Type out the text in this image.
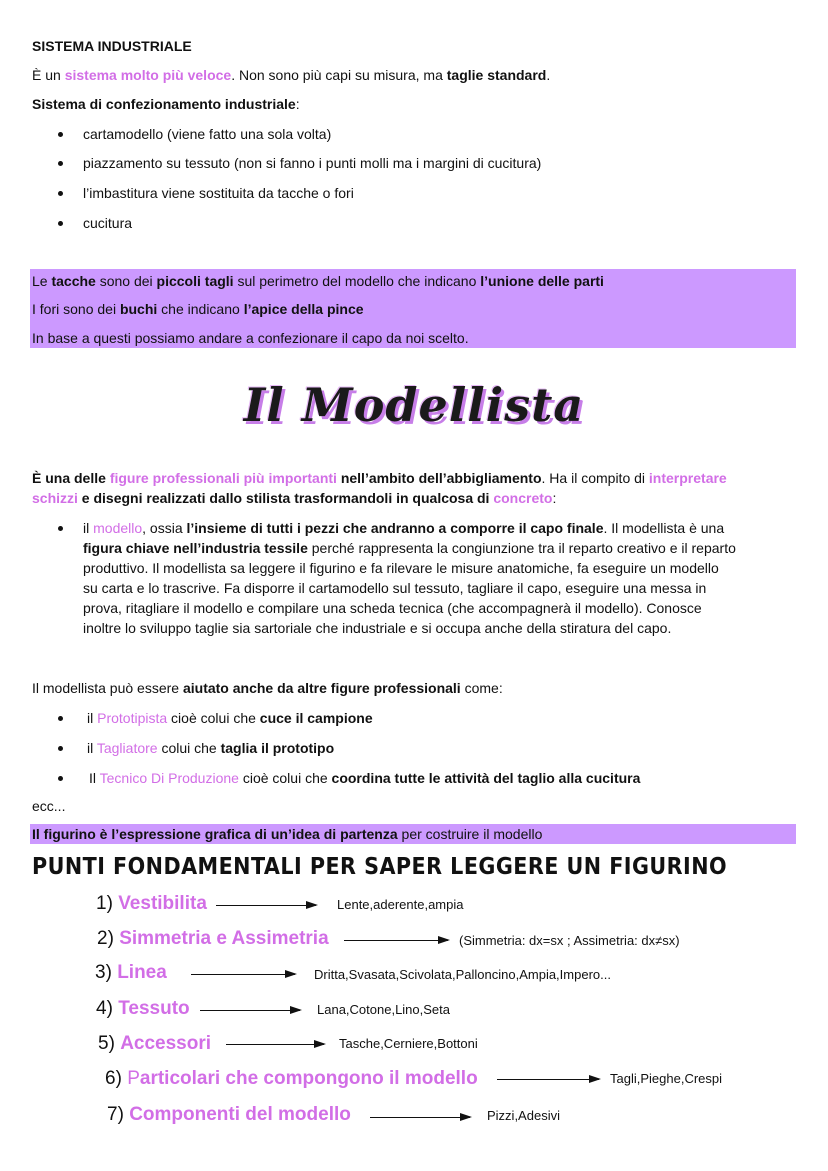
SISTEMA INDUSTRIALE
È un sistema molto più veloce. Non sono più capi su misura, ma taglie standard.
Sistema di confezionamento industriale:
cartamodello (viene fatto una sola volta)
piazzamento su tessuto (non si fanno i punti molli ma i margini di cucitura)
l’imbastitura viene sostituita da tacche o fori
cucitura
Le tacche sono dei piccoli tagli sul perimetro del modello che indicano l’unione delle parti
I fori sono dei buchi che indicano l’apice della pince
In base a questi possiamo andare a confezionare il capo da noi scelto.
Il Modellista
È una delle figure professionali più importanti nell’ambito dell’abbigliamento. Ha il compito di interpretare
schizzi e disegni realizzati dallo stilista trasformandoli in qualcosa di concreto:
il modello, ossia l’insieme di tutti i pezzi che andranno a comporre il capo finale. Il modellista è una
figura chiave nell’industria tessile perché rappresenta la congiunzione tra il reparto creativo e il reparto
produttivo. Il modellista sa leggere il figurino e fa rilevare le misure anatomiche, fa eseguire un modello
su carta e lo trascrive. Fa disporre il cartamodello sul tessuto, tagliare il capo, eseguire una messa in
prova, ritagliare il modello e compilare una scheda tecnica (che accompagnerà il modello). Conosce
inoltre lo sviluppo taglie sia sartoriale che industriale e si occupa anche della stiratura del capo.
Il modellista può essere aiutato anche da altre figure professionali come:
il Prototipista cioè colui che cuce il campione
il Tagliatore colui che taglia il prototipo
Il Tecnico Di Produzione cioè colui che coordina tutte le attività del taglio alla cucitura
ecc...
Il figurino è l’espressione grafica di un’idea di partenza per costruire il modello
PUNTI FONDAMENTALI PER SAPER LEGGERE UN FIGURINO
1) Vestibilita	Lente,aderente,ampia
2) Simmetria e Assimetria	(Simmetria: dx=sx ; Assimetria: dx≠sx)
3) Linea	Dritta,Svasata,Scivolata,Palloncino,Ampia,Impero...
4) Tessuto	Lana,Cotone,Lino,Seta
5) Accessori	Tasche,Cerniere,Bottoni
6) Particolari che compongono il modello	Tagli,Pieghe,Crespi
7) Componenti del modello	Pizzi,Adesivi
